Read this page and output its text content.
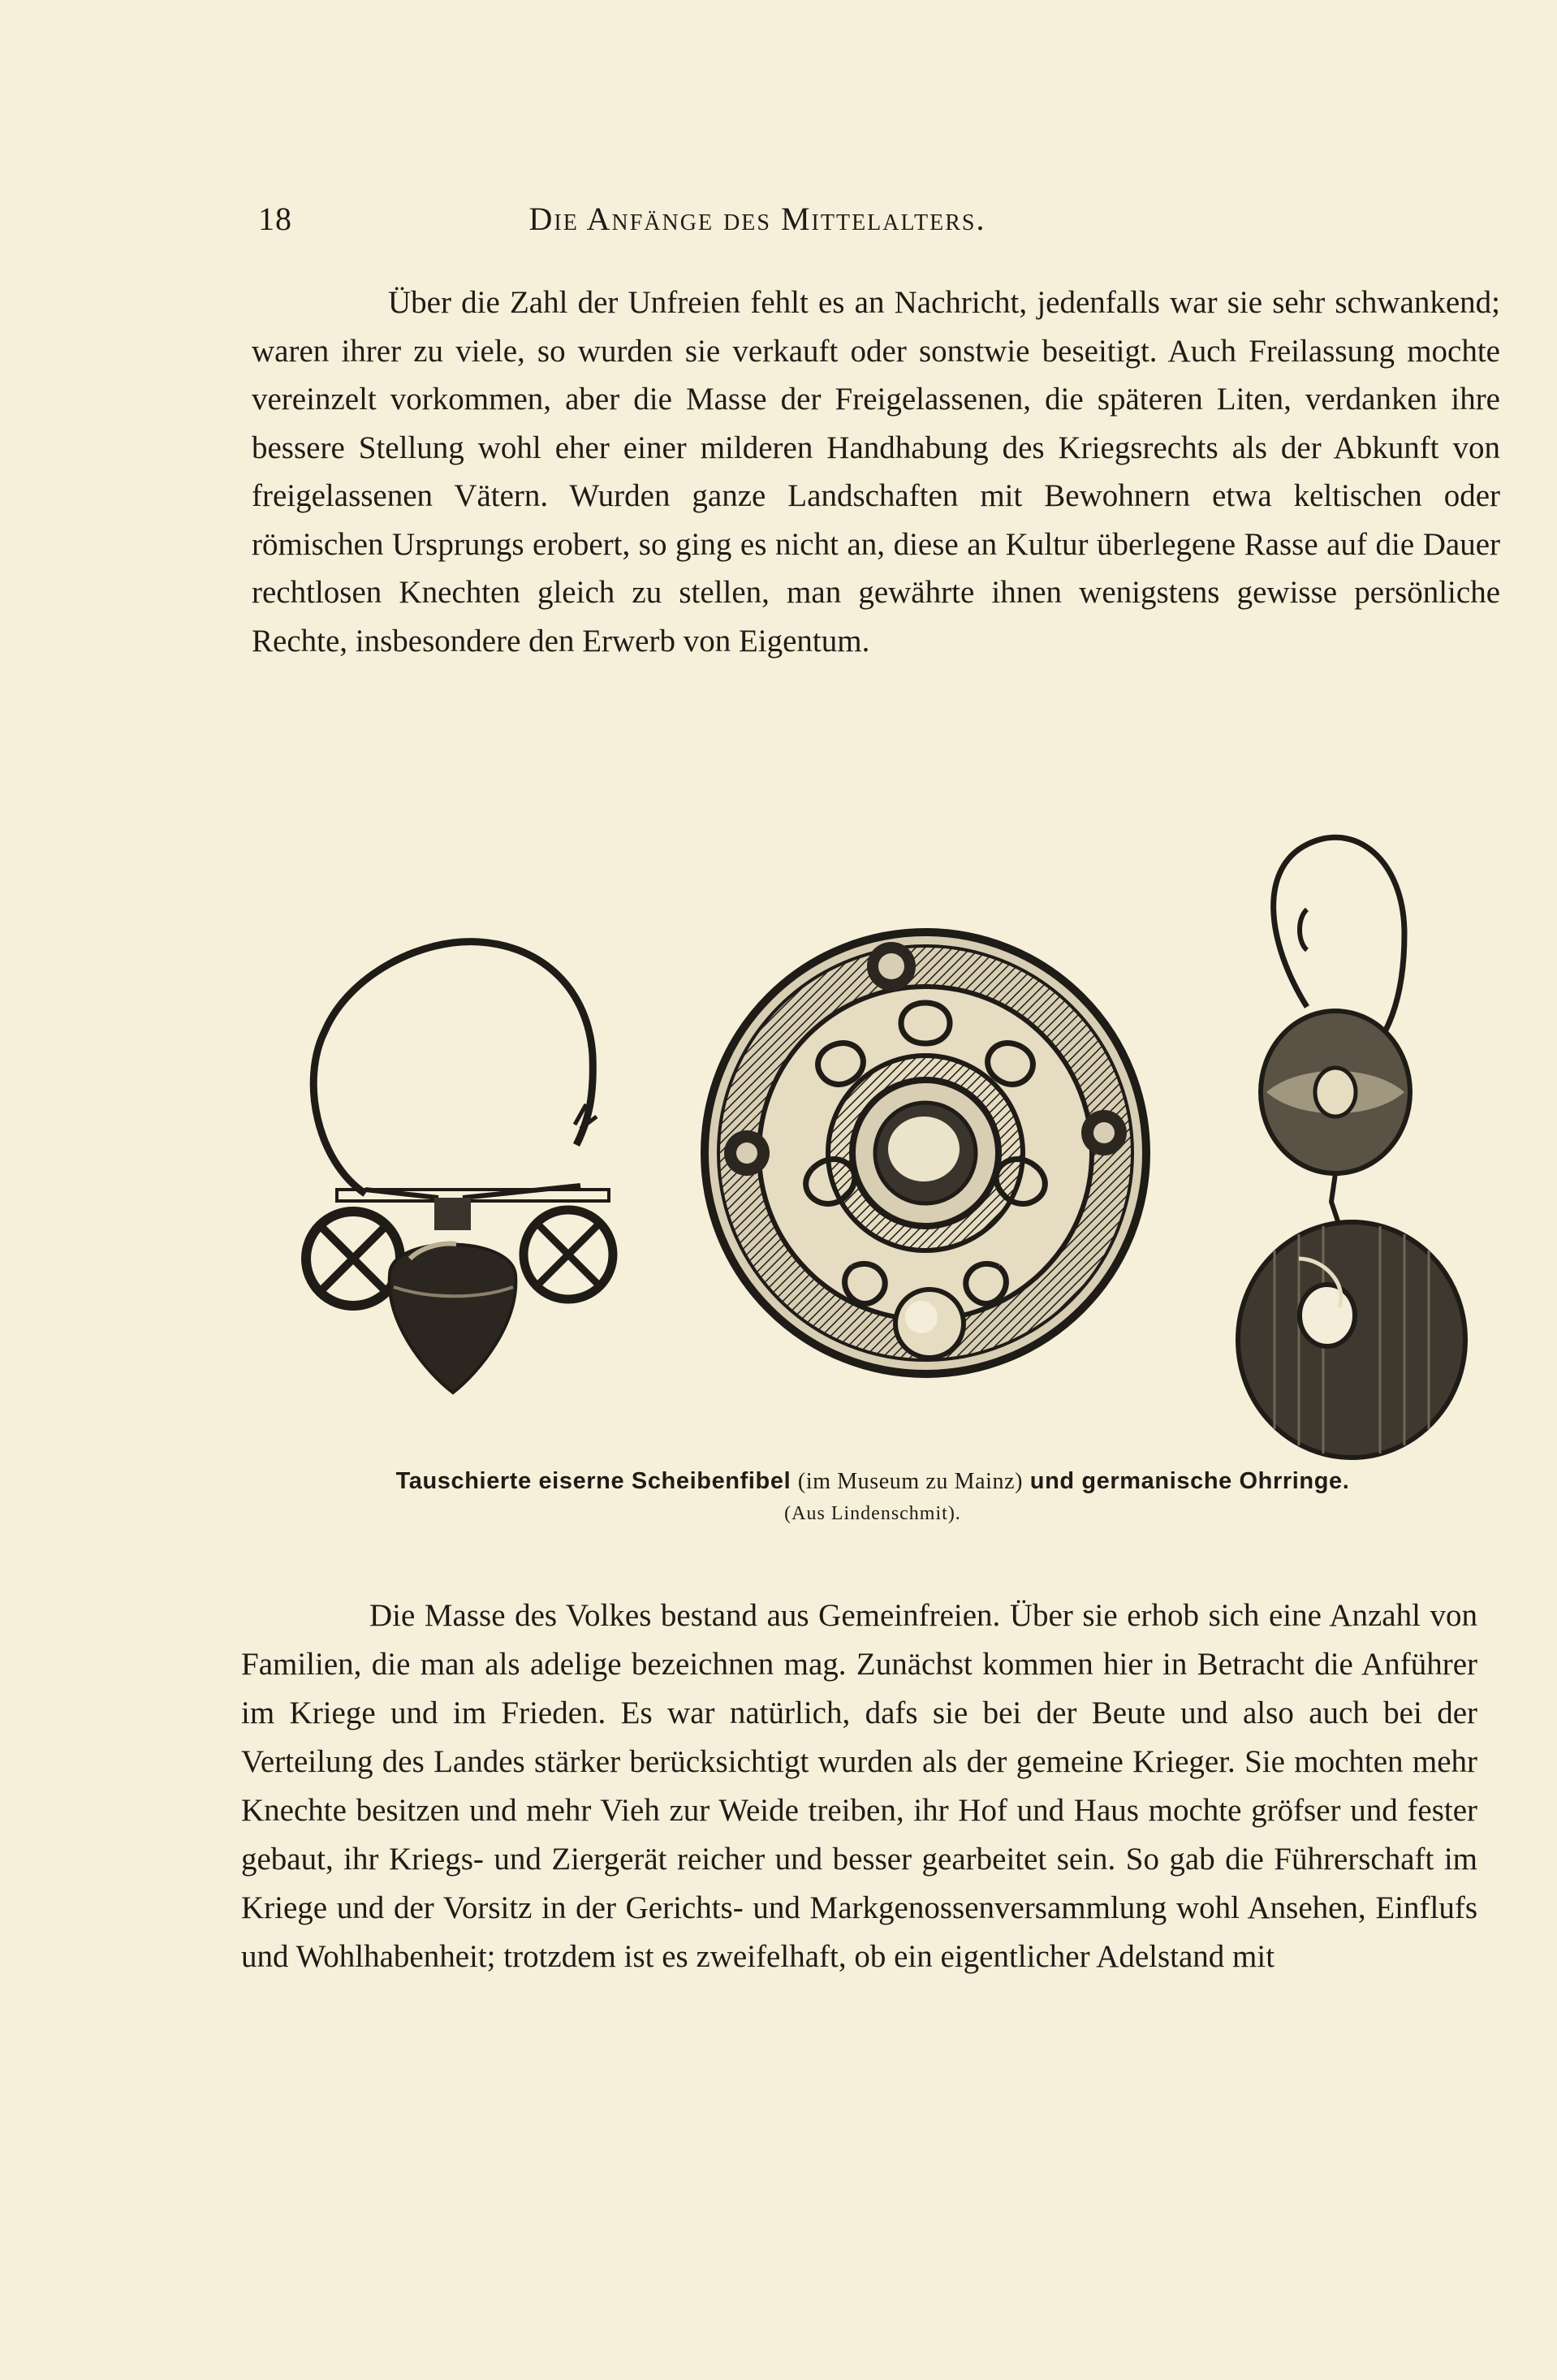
18	Die Anfänge des Mittelalters.

Über die Zahl der Unfreien fehlt es an Nachricht, jedenfalls war sie sehr schwankend; waren ihrer zu viele, so wurden sie verkauft oder sonstwie beseitigt. Auch Freilassung mochte vereinzelt vorkommen, aber die Masse der Freigelassenen, die späteren Liten, verdanken ihre bessere Stellung wohl eher einer milderen Handhabung des Kriegsrechts als der Abkunft von freigelassenen Vätern. Wurden ganze Landschaften mit Bewohnern etwa keltischen oder römischen Ursprungs erobert, so ging es nicht an, diese an Kultur überlegene Rasse auf die Dauer rechtlosen Knechten gleich zu stellen, man gewährte ihnen wenigstens gewisse persönliche Rechte, insbesondere den Erwerb von Eigentum.

Tauschierte eiserne Scheibenfibel (im Museum zu Mainz) und germanische Ohrringe.
(Aus Lindenschmit).

Die Masse des Volkes bestand aus Gemeinfreien. Über sie erhob sich eine Anzahl von Familien, die man als adelige bezeichnen mag. Zunächst kommen hier in Betracht die Anführer im Kriege und im Frieden. Es war natürlich, dafs sie bei der Beute und also auch bei der Verteilung des Landes stärker berücksichtigt wurden als der gemeine Krieger. Sie mochten mehr Knechte besitzen und mehr Vieh zur Weide treiben, ihr Hof und Haus mochte gröfser und fester gebaut, ihr Kriegs- und Ziergerät reicher und besser gearbeitet sein. So gab die Führerschaft im Kriege und der Vorsitz in der Gerichts- und Markgenossenversammlung wohl Ansehen, Einflufs und Wohlhabenheit; trotzdem ist es zweifelhaft, ob ein eigentlicher Adelstand mit
